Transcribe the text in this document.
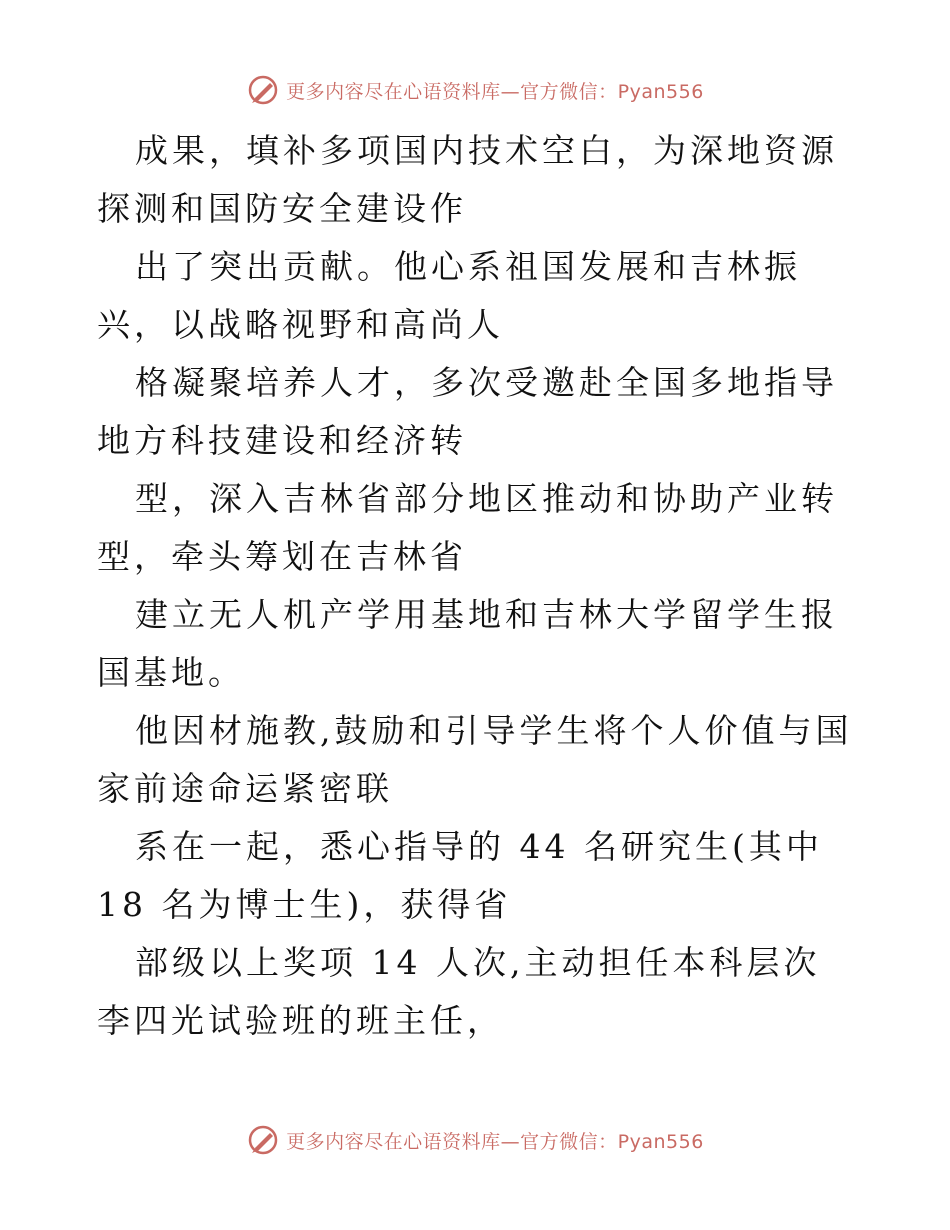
更多内容尽在心语资料库—官方微信：Pyan556

成果，填补多项国内技术空白，为深地资源探测和国防安全建设作

出了突出贡献。他心系祖国发展和吉林振兴，以战略视野和高尚人

格凝聚培养人才，多次受邀赴全国多地指导地方科技建设和经济转

型，深入吉林省部分地区推动和协助产业转型，牵头筹划在吉林省

建立无人机产学用基地和吉林大学留学生报国基地。

他因材施教,鼓励和引导学生将个人价值与国家前途命运紧密联

系在一起，悉心指导的 44 名研究生(其中 18 名为博士生)，获得省

部级以上奖项 14 人次,主动担任本科层次李四光试验班的班主任，

更多内容尽在心语资料库—官方微信：Pyan556
